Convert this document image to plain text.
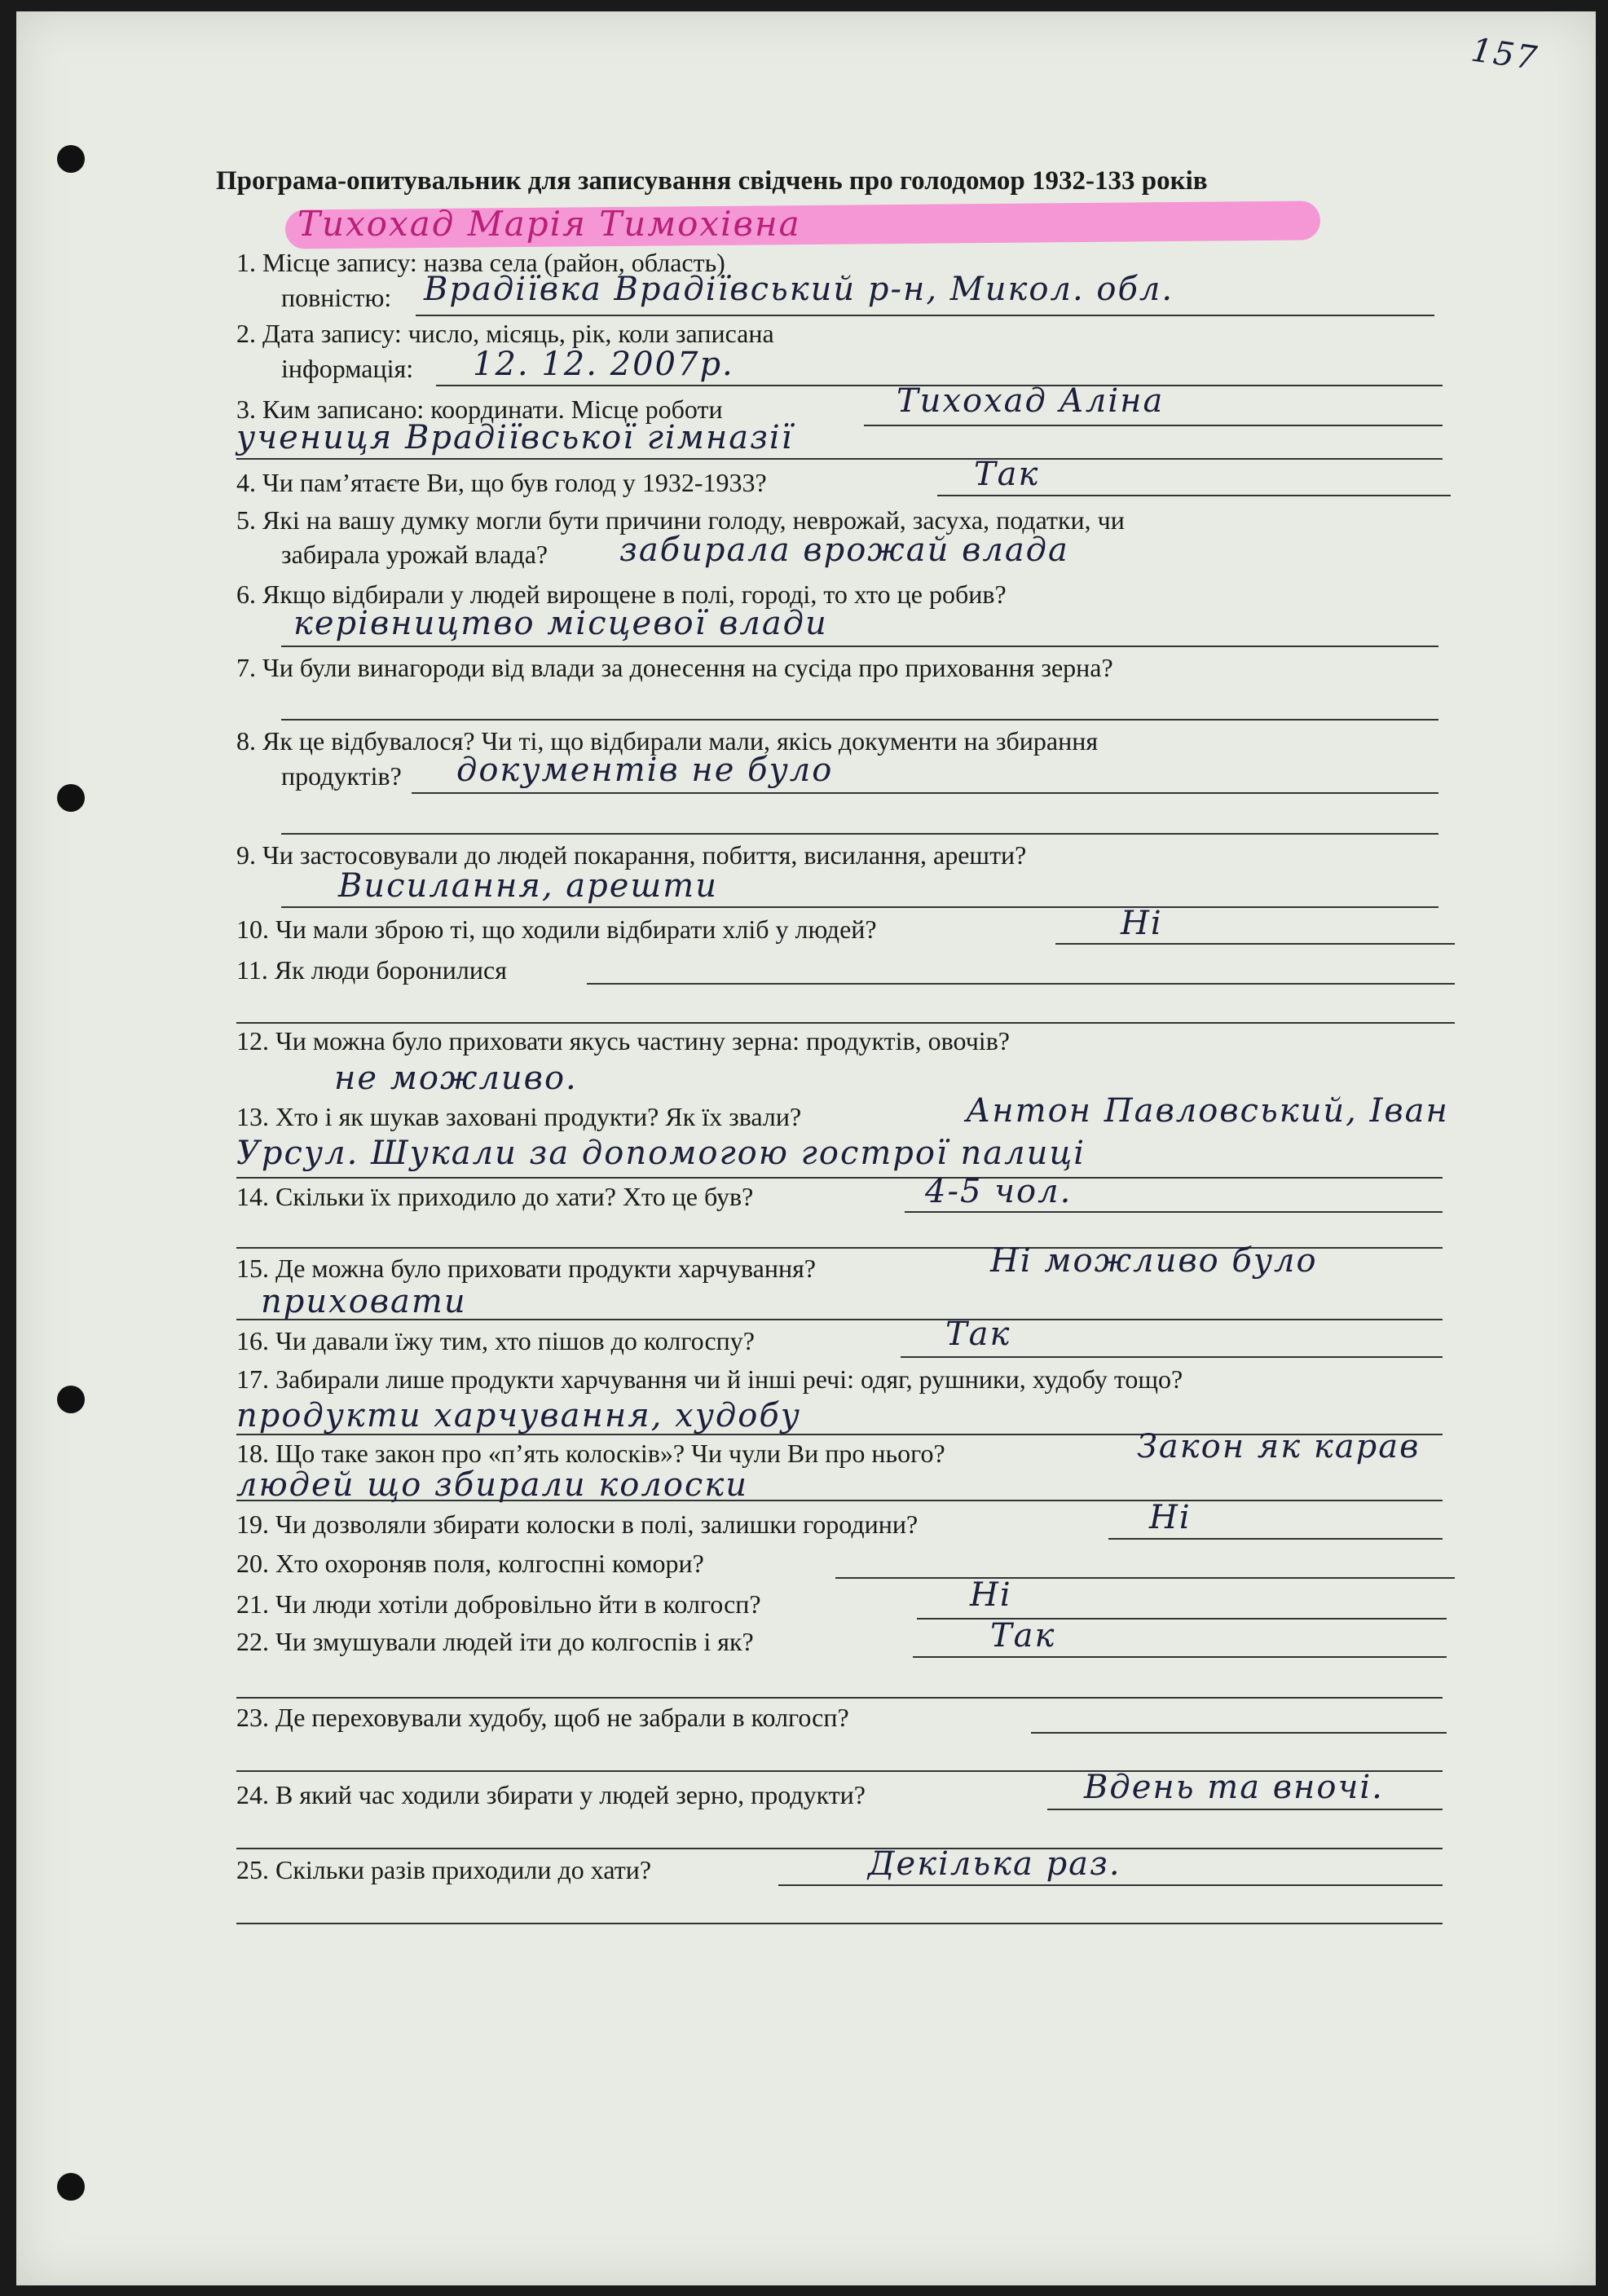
157
Програма-опитувальник для записування свідчень про голодомор 1932-133 років
Тихохад Марія Тимохівна
1. Місце запису: назва села (район, область)
повністю: Врадіївка Врадіївський р-н, Микол. обл.
2. Дата запису: число, місяць, рік, коли записана
інформація: 12. 12. 2007р.
3. Ким записано: координати. Місце роботи	Тихохад Аліна
учениця Врадіївської гімназії
4. Чи пам’ятаєте Ви, що був голод у 1932-1933?	Так
5. Які на вашу думку могли бути причини голоду, неврожай, засуха, податки, чи
забирала урожай влада? забирала врожай влада
6. Якщо відбирали у людей вирощене в полі, городі, то хто це робив?
керівництво місцевої влади
7. Чи були винагороди від влади за донесення на сусіда про приховання зерна?
8. Як це відбувалося? Чи ті, що відбирали мали, якісь документи на збирання
продуктів? документів не було
9. Чи застосовували до людей покарання, побиття, висилання, арешти?
Висилання, арешти
10. Чи мали зброю ті, що ходили відбирати хліб у людей?	Ні
11. Як люди боронилися
12. Чи можна було приховати якусь частину зерна: продуктів, овочів?
не можливо.
13. Хто і як шукав заховані продукти? Як їх звали?	Антон Павловський, Іван
Урсул. Шукали за допомогою гострої палиці
14. Скільки їх приходило до хати? Хто це був?	4-5 чол.
15. Де можна було приховати продукти харчування?	Ні можливо було
приховати
16. Чи давали їжу тим, хто пішов до колгоспу?	Так
17. Забирали лише продукти харчування чи й інші речі: одяг, рушники, худобу тощо?
продукти харчування, худобу
18. Що таке закон про «п’ять колосків»? Чи чули Ви про нього?	Закон як карав
людей що збирали колоски
19. Чи дозволяли збирати колоски в полі, залишки городини?	Ні
20. Хто охороняв поля, колгоспні комори?
21. Чи люди хотіли добровільно йти в колгосп?	Ні
22. Чи змушували людей іти до колгоспів і як?	Так
23. Де переховували худобу, щоб не забрали в колгосп?
24. В який час ходили збирати у людей зерно, продукти?	Вдень та вночі.
25. Скільки разів приходили до хати?	Декілька раз.
